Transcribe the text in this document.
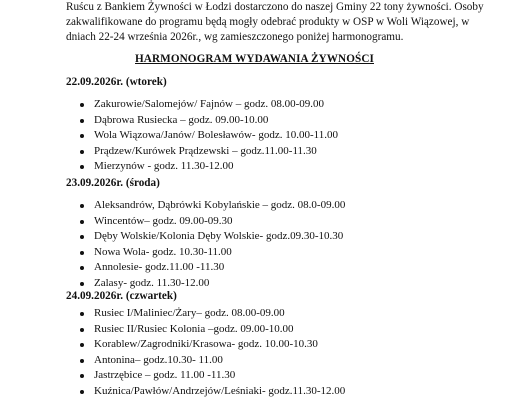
Ruścu z Bankiem Żywności w Łodzi dostarczono do naszej Gminy 22 tony żywności. Osoby
zakwalifikowane do programu będą mogły odebrać produkty w OSP w Woli Wiązowej, w
dniach 22-24 września 2026r., wg zamieszczonego poniżej harmonogramu.

HARMONOGRAM WYDAWANIA ŻYWNOŚCI
22.09.2026r. (wtorek)
Zakurowie/Salomejów/ Fajnów – godz. 08.00-09.00
Dąbrowa Rusiecka – godz. 09.00-10.00
Wola Wiązowa/Janów/ Bolesławów- godz. 10.00-11.00
Prądzew/Kurówek Prądzewski – godz.11.00-11.30
Mierzynów - godz. 11.30-12.00
23.09.2026r. (środa)
Aleksandrów, Dąbrówki Kobylańskie – godz. 08.0-09.00
Wincentów– godz. 09.00-09.30
Dęby Wolskie/Kolonia Dęby Wolskie- godz.09.30-10.30
Nowa Wola- godz. 10.30-11.00
Annolesie- godz.11.00 -11.30
Zalasy- godz. 11.30-12.00
24.09.2026r. (czwartek)
Rusiec I/Maliniec/Żary– godz. 08.00-09.00
Rusiec II/Rusiec Kolonia –godz. 09.00-10.00
Korablew/Zagrodniki/Krasowa- godz. 10.00-10.30
Antonina– godz.10.30- 11.00
Jastrzębice – godz. 11.00 -11.30
Kuźnica/Pawłów/Andrzejów/Leśniaki- godz.11.30-12.00
